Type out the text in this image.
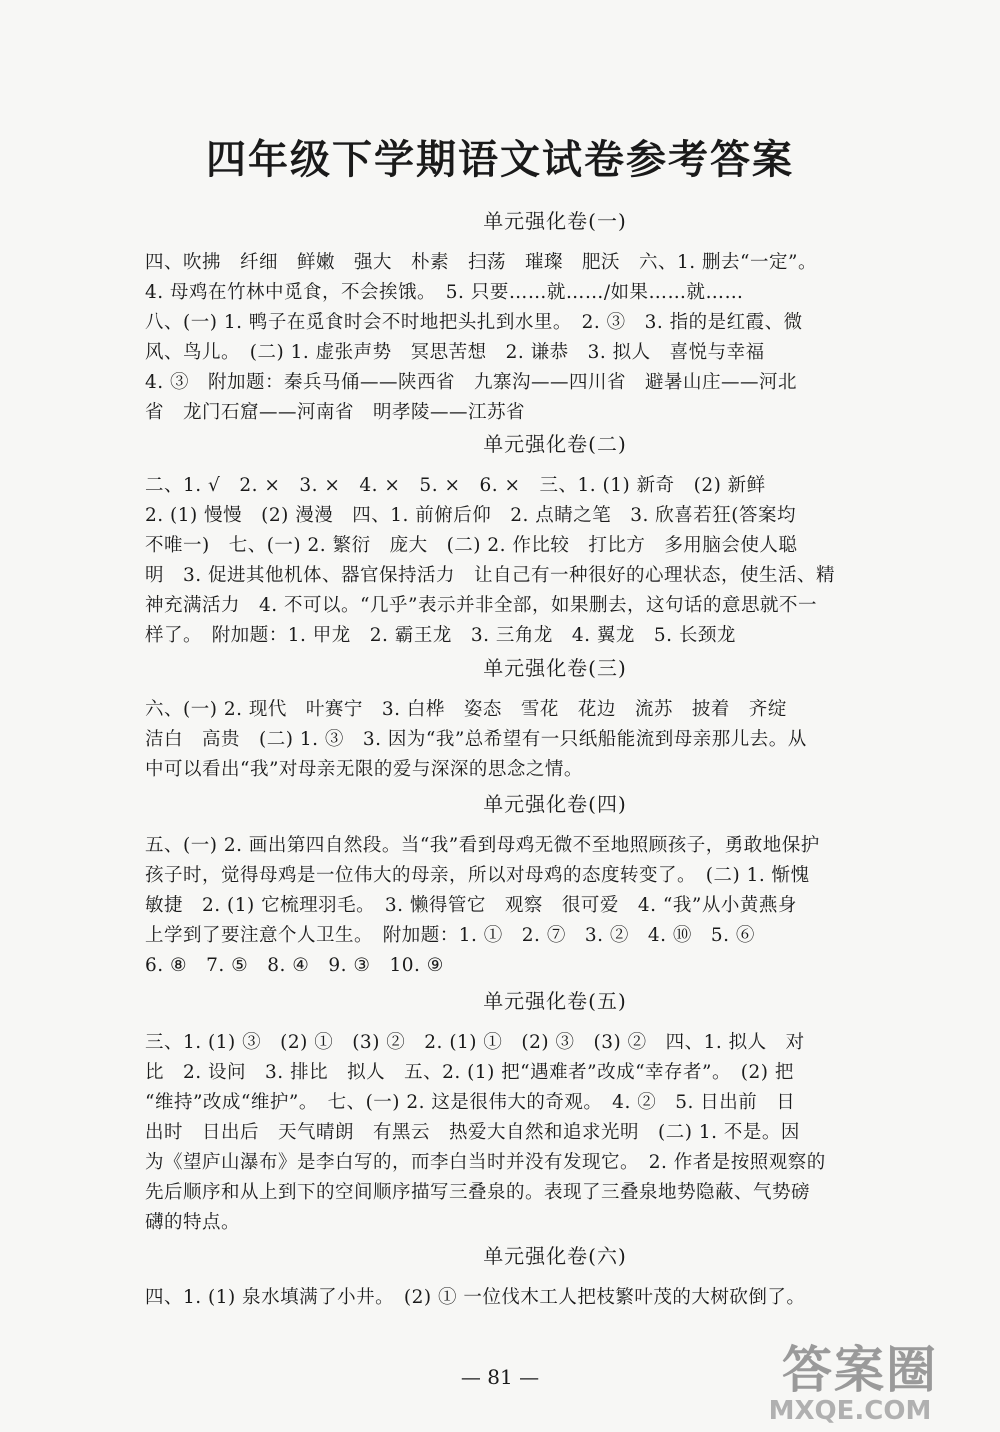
四年级下学期语文试卷参考答案
单元强化卷(一)
四、吹拂　纤细　鲜嫩　强大　朴素　扫荡　璀璨　肥沃　六、1. 删去“一定”。
4. 母鸡在竹林中觅食，不会挨饿。　5. 只要……就……/如果……就……
八、(一) 1. 鸭子在觅食时会不时地把头扎到水里。　2. ③　3. 指的是红霞、微
风、鸟儿。　(二) 1. 虚张声势　冥思苦想　2. 谦恭　3. 拟人　喜悦与幸福
4. ③　附加题：秦兵马俑——陕西省　九寨沟——四川省　避暑山庄——河北
省　龙门石窟——河南省　明孝陵——江苏省
单元强化卷(二)
二、1. √　2. ×　3. ×　4. ×　5. ×　6. ×　三、1. (1) 新奇　(2) 新鲜
2. (1) 慢慢　(2) 漫漫　四、1. 前俯后仰　2. 点睛之笔　3. 欣喜若狂(答案均
不唯一)　七、(一) 2. 繁衍　庞大　(二) 2. 作比较　打比方　多用脑会使人聪
明　3. 促进其他机体、器官保持活力　让自己有一种很好的心理状态，使生活、精
神充满活力　4. 不可以。“几乎”表示并非全部，如果删去，这句话的意思就不一
样了。　附加题：1. 甲龙　2. 霸王龙　3. 三角龙　4. 翼龙　5. 长颈龙
单元强化卷(三)
六、(一) 2. 现代　叶赛宁　3. 白桦　姿态　雪花　花边　流苏　披着　齐绽
洁白　高贵　(二) 1. ③　3. 因为“我”总希望有一只纸船能流到母亲那儿去。从
中可以看出“我”对母亲无限的爱与深深的思念之情。
单元强化卷(四)
五、(一) 2. 画出第四自然段。当“我”看到母鸡无微不至地照顾孩子，勇敢地保护
孩子时，觉得母鸡是一位伟大的母亲，所以对母鸡的态度转变了。　(二) 1. 惭愧
敏捷　2. (1) 它梳理羽毛。　3. 懒得管它　观察　很可爱　4. “我”从小黄燕身
上学到了要注意个人卫生。　附加题：1. ①　2. ⑦　3. ②　4. ⑩　5. ⑥
6. ⑧　7. ⑤　8. ④　9. ③　10. ⑨
单元强化卷(五)
三、1. (1) ③　(2) ①　(3) ②　2. (1) ①　(2) ③　(3) ②　四、1. 拟人　对
比　2. 设问　3. 排比　拟人　五、2. (1) 把“遇难者”改成“幸存者”。　(2) 把
“维持”改成“维护”。　七、(一) 2. 这是很伟大的奇观。　4. ②　5. 日出前　日
出时　日出后　天气晴朗　有黑云　热爱大自然和追求光明　(二) 1. 不是。因
为《望庐山瀑布》是李白写的，而李白当时并没有发现它。　2. 作者是按照观察的
先后顺序和从上到下的空间顺序描写三叠泉的。表现了三叠泉地势隐蔽、气势磅
礴的特点。
单元强化卷(六)
四、1. (1) 泉水填满了小井。　(2) ① 一位伐木工人把枝繁叶茂的大树砍倒了。
— 81 —	答案圈
MXQE.COM
